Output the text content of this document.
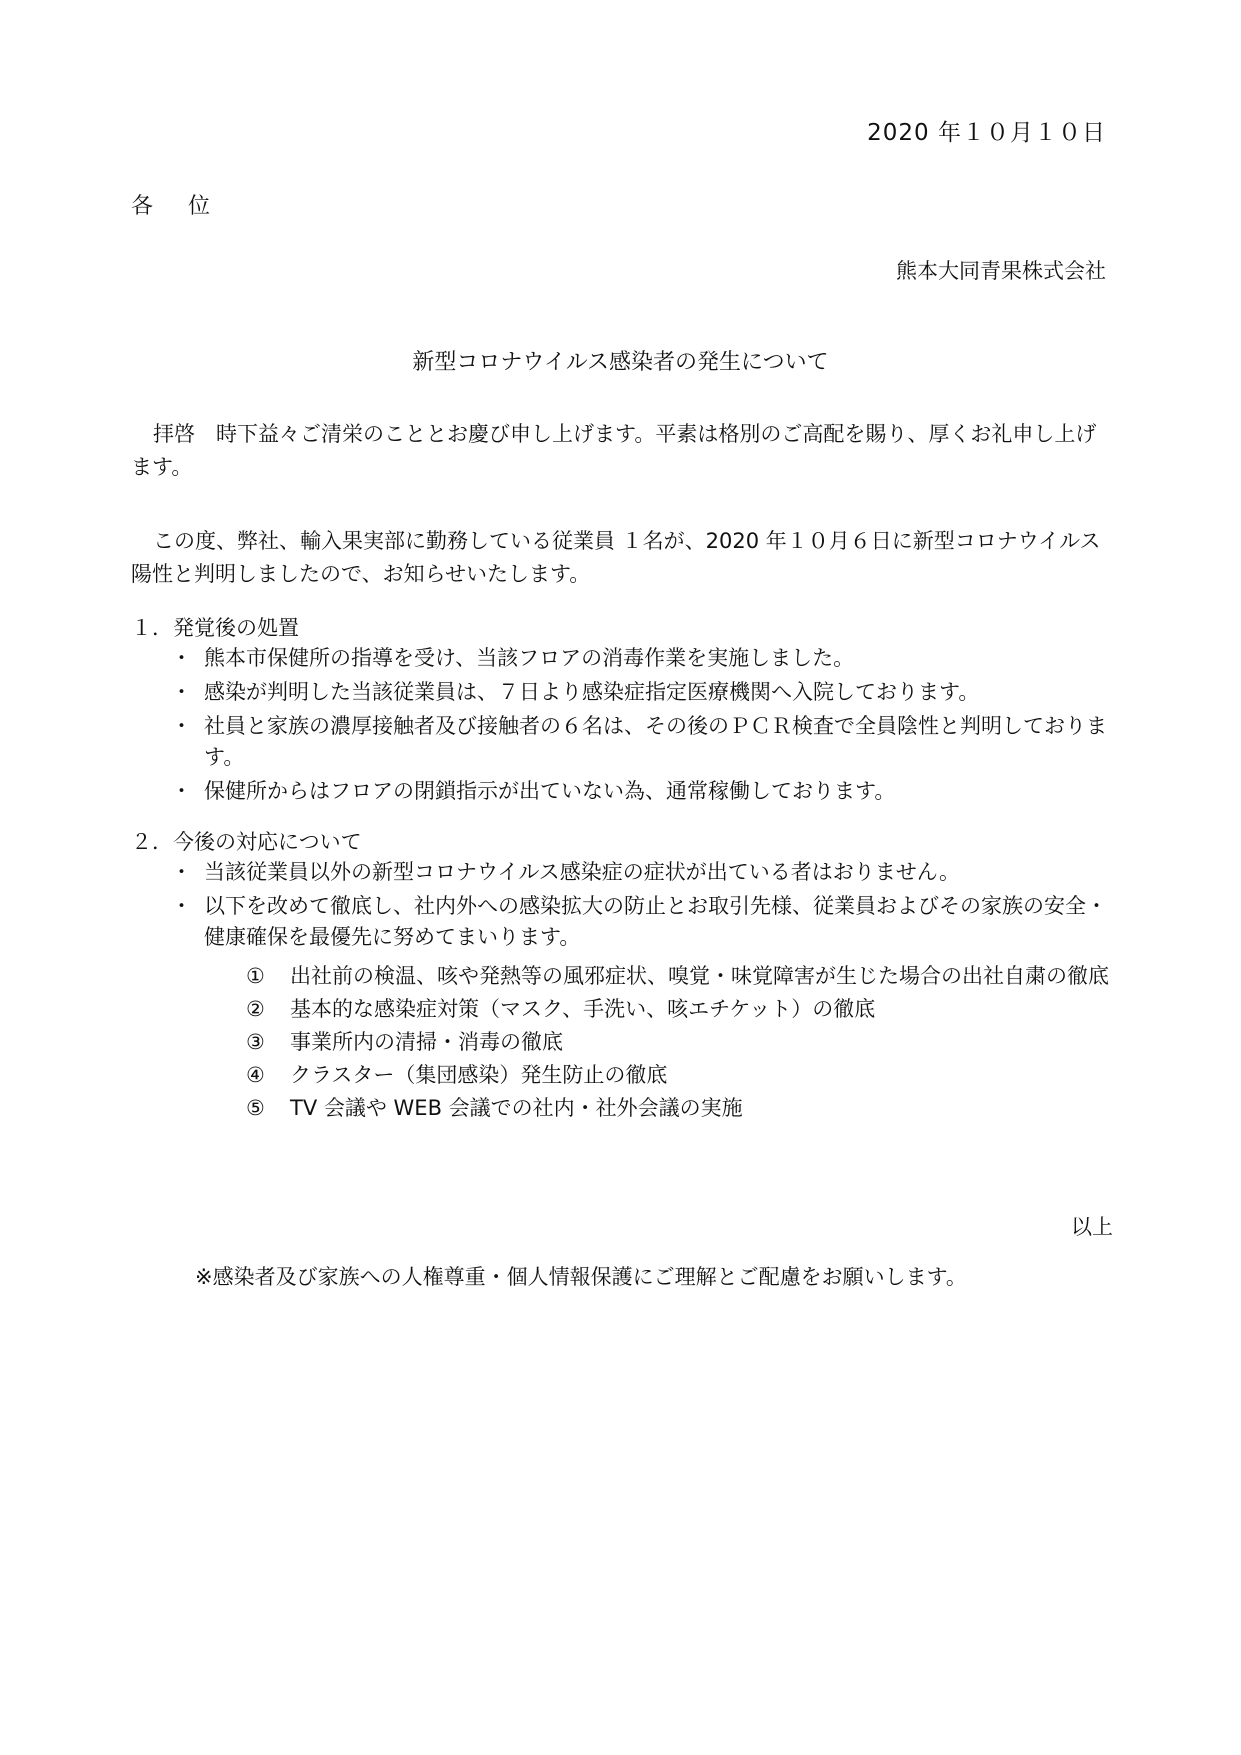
2020 年１０月１０日
各 位
熊本大同青果株式会社
新型コロナウイルス感染者の発生について
拝啓　時下益々ご清栄のこととお慶び申し上げます。平素は格別のご高配を賜り、厚くお礼申し上げます。
この度、弊社、輸入果実部に勤務している従業員 １名が、2020 年１０月６日に新型コロナウイルス陽性と判明しましたので、お知らせいたします。
１．発覚後の処置
・ 熊本市保健所の指導を受け、当該フロアの消毒作業を実施しました。
・ 感染が判明した当該従業員は、７日より感染症指定医療機関へ入院しております。
・ 社員と家族の濃厚接触者及び接触者の６名は、その後のＰＣＲ検査で全員陰性と判明しております。
・ 保健所からはフロアの閉鎖指示が出ていない為、通常稼働しております。
２．今後の対応について
・ 当該従業員以外の新型コロナウイルス感染症の症状が出ている者はおりません。
・ 以下を改めて徹底し、社内外への感染拡大の防止とお取引先様、従業員およびその家族の安全・健康確保を最優先に努めてまいります。
① 出社前の検温、咳や発熱等の風邪症状、嗅覚・味覚障害が生じた場合の出社自粛の徹底
② 基本的な感染症対策（マスク、手洗い、咳エチケット）の徹底
③ 事業所内の清掃・消毒の徹底
④ クラスター（集団感染）発生防止の徹底
⑤ TV 会議や WEB 会議での社内・社外会議の実施
以上
※感染者及び家族への人権尊重・個人情報保護にご理解とご配慮をお願いします。
